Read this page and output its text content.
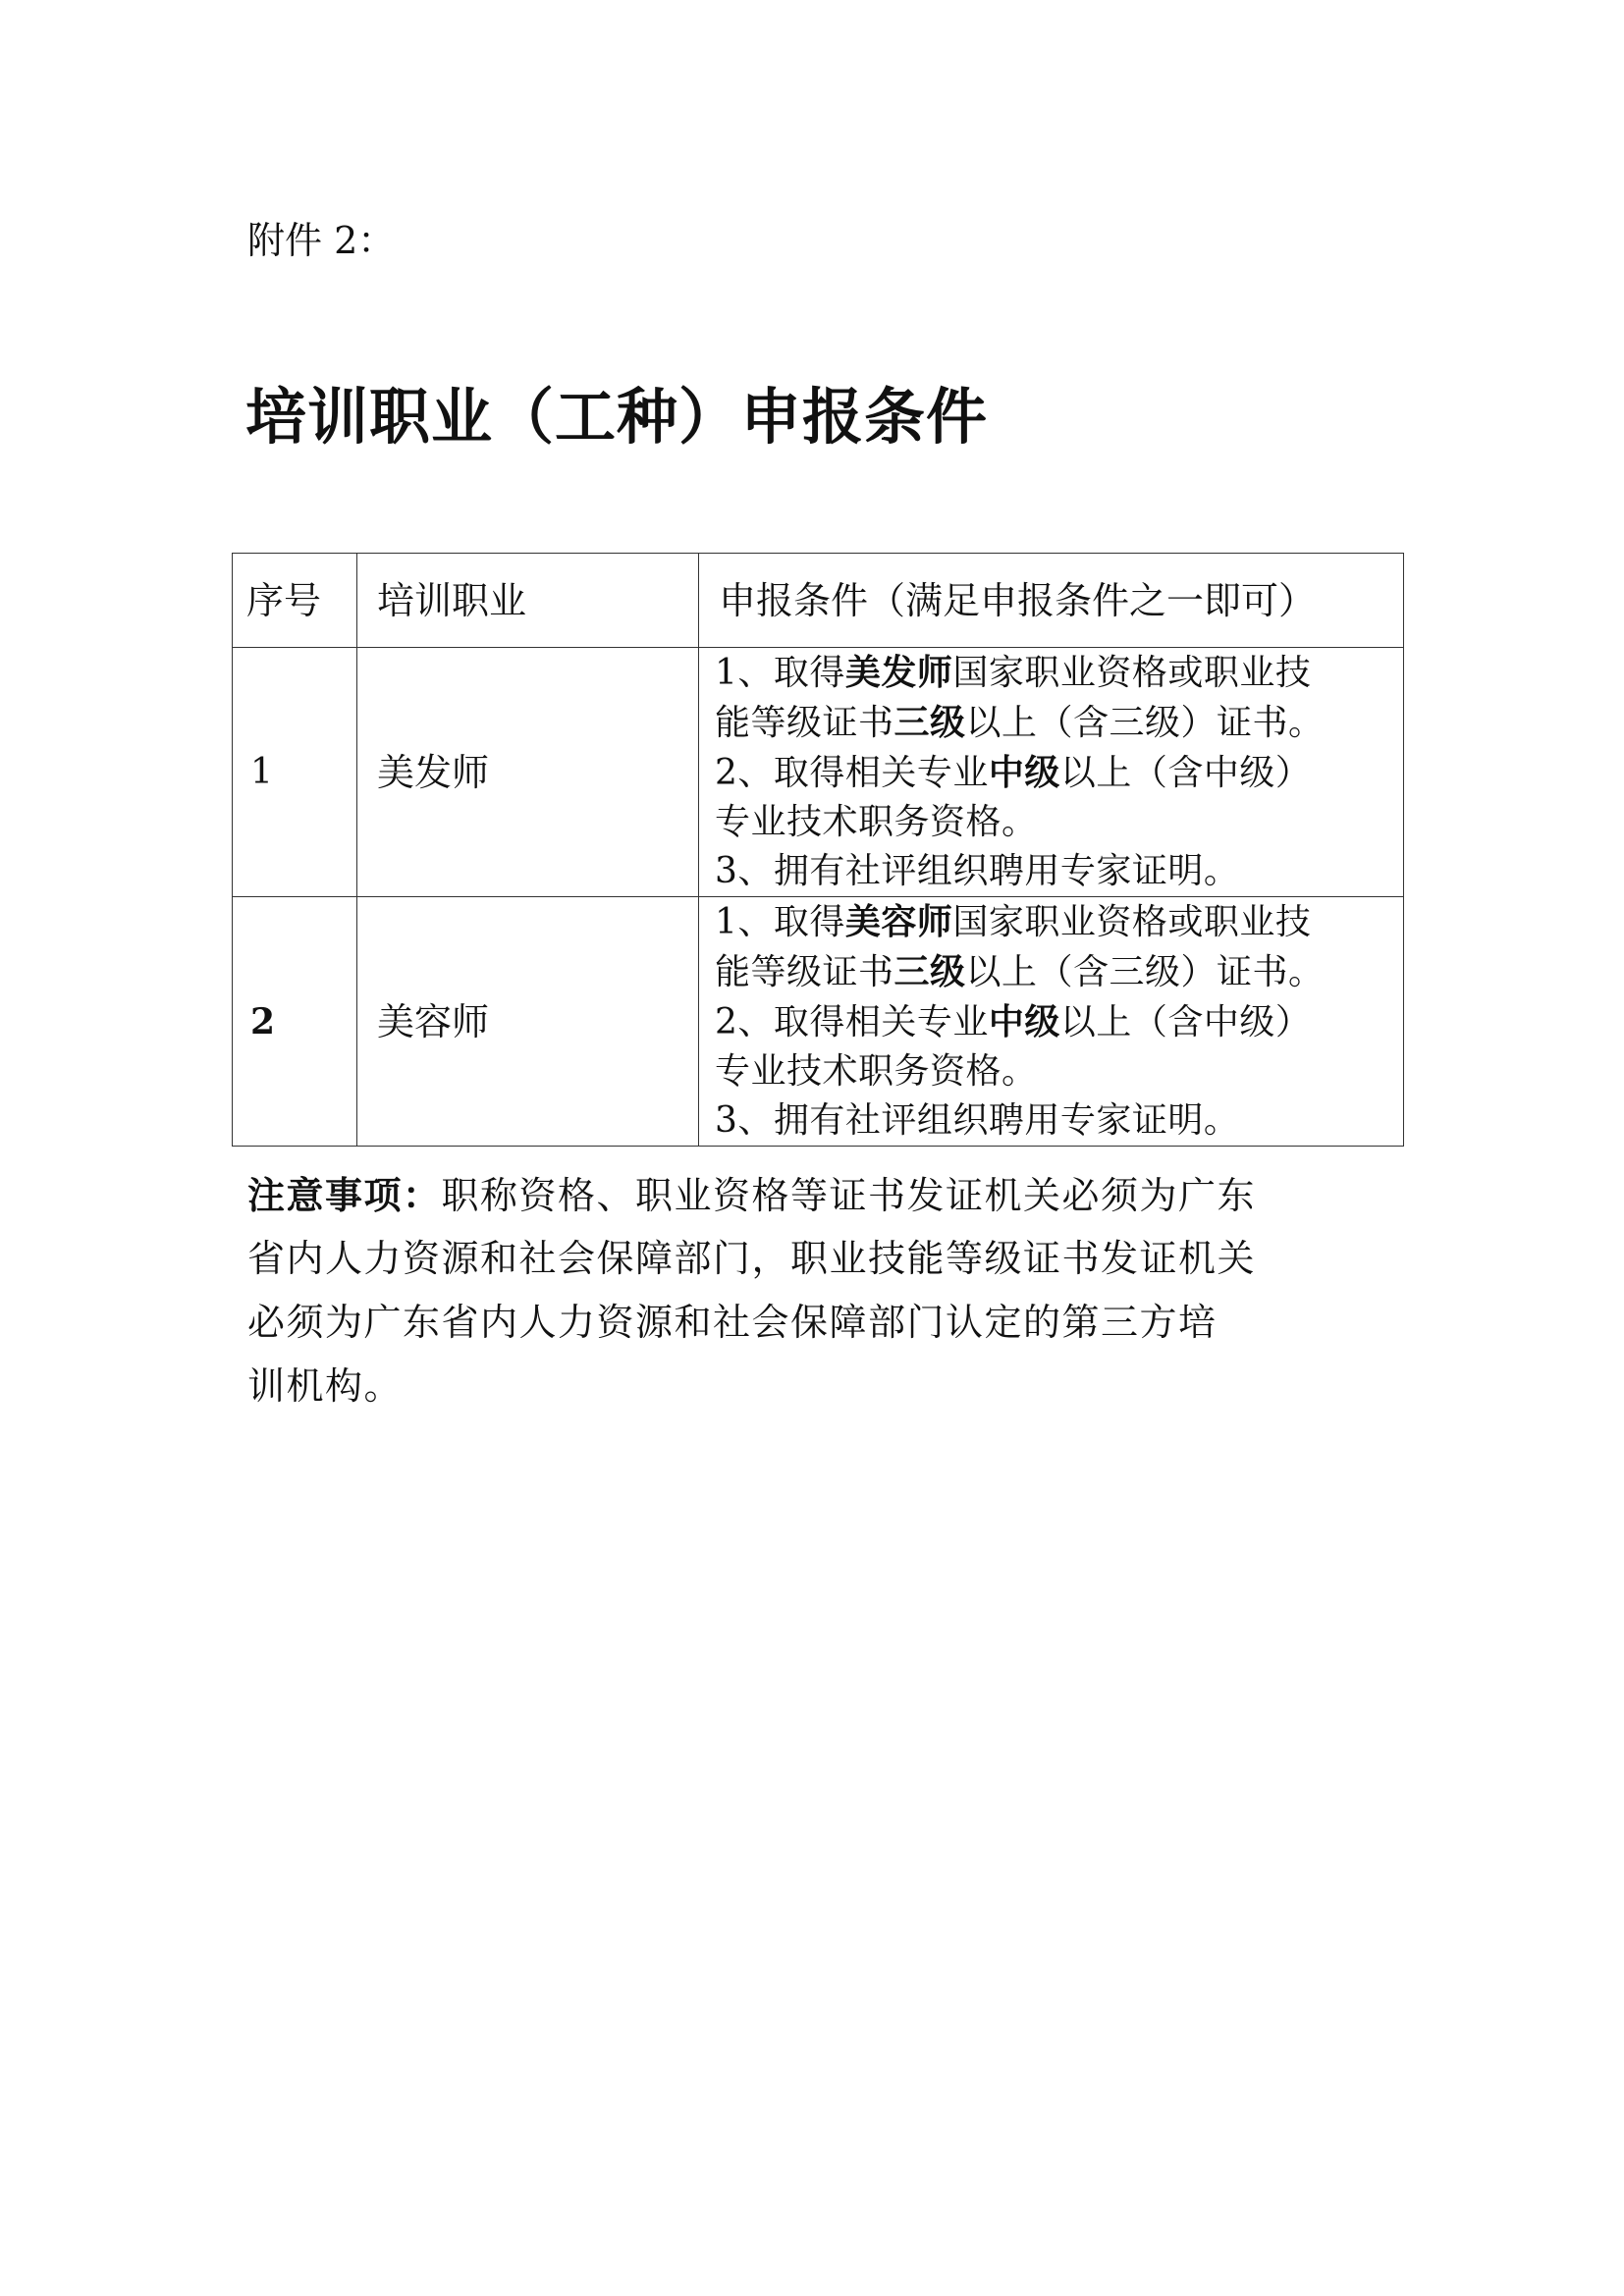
附件 2：
培训职业（工种）申报条件
序号	培训职业	申报条件（满足申报条件之一即可）
1	美发师	1、取得美发师国家职业资格或职业技
能等级证书三级以上（含三级）证书。
2、取得相关专业中级以上（含中级）
专业技术职务资格。
3、拥有社评组织聘用专家证明。

2	美容师	1、取得美容师国家职业资格或职业技
能等级证书三级以上（含三级）证书。
2、取得相关专业中级以上（含中级）
专业技术职务资格。
3、拥有社评组织聘用专家证明。
注意事项：职称资格、职业资格等证书发证机关必须为广东
省内人力资源和社会保障部门，职业技能等级证书发证机关
必须为广东省内人力资源和社会保障部门认定的第三方培
训机构。
